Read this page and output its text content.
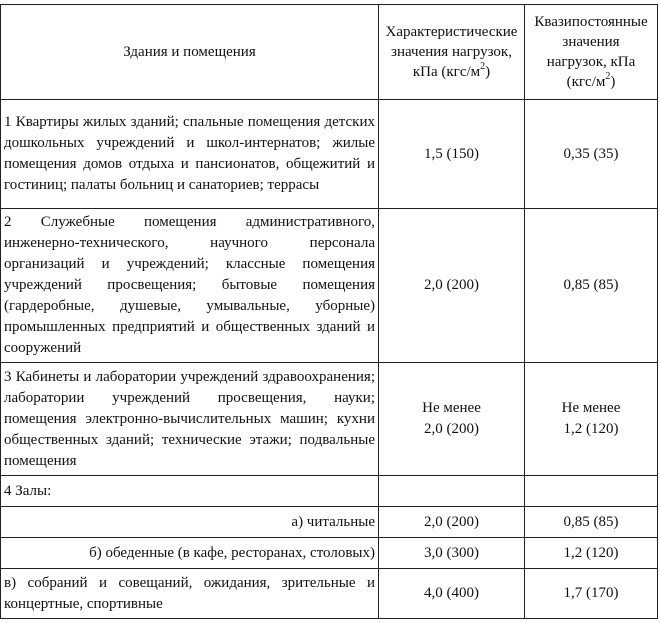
Здания и помещения	Характеристические
значения нагрузок,
кПа $(кгс/м^2)$	Квазипостоянные
значения
нагрузок, кПа
$(кгс/м^2)$
1 Квартиры жилых зданий; спальные помещения детских дошкольных учреждений и школ-интернатов; жилые помещения домов отдыха и пансионатов, общежитий и гостиниц; палаты больниц и санаториев; террасы	1,5 (150)	0,35 (35)
2 Служебные помещения административного, инженерно-технического, научного персонала организаций и учреждений; классные помещения учреждений просвещения; бытовые помещения (гардеробные, душевые, умывальные, уборные) промышленных предприятий и общественных зданий и сооружений	2,0 (200)	0,85 (85)
3 Кабинеты и лаборатории учреждений здравоохранения; лаборатории учреждений просвещения, науки; помещения электронно-вычислительных машин; кухни общественных зданий; технические этажи; подвальные помещения	Не менее
2,0 (200)	Не менее
1,2 (120)

4 Залы:		
а) читальные	2,0 (200)	0,85 (85)
б) обеденные (в кафе, ресторанах, столовых)	3,0 (300)	1,2 (120)
в) собраний и совещаний, ожидания, зрительные и концертные, спортивные	4,0 (400)	1,7 (170)
